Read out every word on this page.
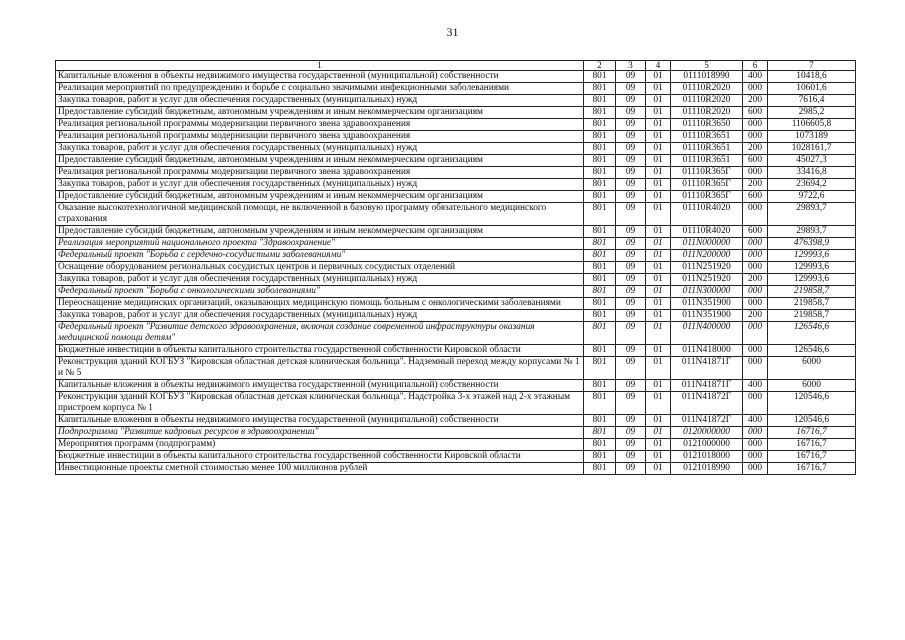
31
1	2	3	4	5	6	7
Капитальные вложения в объекты недвижимого имущества государственной (муниципальной) собственности	801	09	01	0111018990	400	10418,6
Реализация мероприятий по предупреждению и борьбе с социально значимыми инфекционными заболеваниями	801	09	01	01110R2020	000	10601,6
Закупка товаров, работ и услуг для обеспечения государственных (муниципальных) нужд	801	09	01	01110R2020	200	7616,4
Предоставление субсидий бюджетным, автономным учреждениям и иным некоммерческим организациям	801	09	01	01110R2020	600	2985,2
Реализация региональной программы модернизации первичного звена здравоохранения	801	09	01	01110R3650	000	1106605,8
Реализация региональной программы модернизации первичного звена здравоохранения	801	09	01	01110R3651	000	1073189
Закупка товаров, работ и услуг для обеспечения государственных (муниципальных) нужд	801	09	01	01110R3651	200	1028161,7
Предоставление субсидий бюджетным, автономным учреждениям и иным некоммерческим организациям	801	09	01	01110R3651	600	45027,3
Реализация региональной программы модернизации первичного звена здравоохранения	801	09	01	01110R365Г	000	33416,8
Закупка товаров, работ и услуг для обеспечения государственных (муниципальных) нужд	801	09	01	01110R365Г	200	23694,2
Предоставление субсидий бюджетным, автономным учреждениям и иным некоммерческим организациям	801	09	01	01110R365Г	600	9722,6
Оказание высокотехнологичной медицинской помощи, не включенной в базовую программу обязательного медицинского страхования	801	09	01	01110R4020	000	29893,7
Предоставление субсидий бюджетным, автономным учреждениям и иным некоммерческим организациям	801	09	01	01110R4020	600	29893,7
Реализация мероприятий национального проекта "Здравоохранение"	801	09	01	011N000000	000	476398,9
Федеральный проект "Борьба с сердечно-сосудистыми заболеваниями"	801	09	01	011N200000	000	129993,6
Оснащение оборудованием региональных сосудистых центров и первичных сосудистых отделений	801	09	01	011N251920	000	129993,6
Закупка товаров, работ и услуг для обеспечения государственных (муниципальных) нужд	801	09	01	011N251920	200	129993,6
Федеральный проект "Борьба с онкологическими заболеваниями"	801	09	01	011N300000	000	219858,7
Переоснащение медицинских организаций, оказывающих медицинскую помощь больным с онкологическими заболеваниями	801	09	01	011N351900	000	219858,7
Закупка товаров, работ и услуг для обеспечения государственных (муниципальных) нужд	801	09	01	011N351900	200	219858,7
Федеральный проект "Развитие детского здравоохранения, включая создание современной инфраструктуры оказания медицинской помощи детям"	801	09	01	011N400000	000	126546,6
Бюджетные инвестиции в объекты капитального строительства государственной собственности Кировской области	801	09	01	011N418000	000	126546,6
Реконструкция зданий КОГБУЗ "Кировская областная детская клиническая больница". Надземный переход между корпусами № 1 и № 5	801	09	01	011N41871Г	000	6000
Капитальные вложения в объекты недвижимого имущества государственной (муниципальной) собственности	801	09	01	011N41871Г	400	6000
Реконструкция зданий КОГБУЗ "Кировская областная детская клиническая больница". Надстройка 3-х этажей над 2-х этажным пристроем корпуса № 1	801	09	01	011N41872Г	000	120546,6
Капитальные вложения в объекты недвижимого имущества государственной (муниципальной) собственности	801	09	01	011N41872Г	400	120546,6
Подпрограмма "Развитие кадровых ресурсов в здравоохранении"	801	09	01	0120000000	000	16716,7
Мероприятия программ (подпрограмм)	801	09	01	0121000000	000	16716,7
Бюджетные инвестиции в объекты капитального строительства государственной собственности Кировской области	801	09	01	0121018000	000	16716,7
Инвестиционные проекты сметной стоимостью менее 100 миллионов рублей	801	09	01	0121018990	000	16716,7
